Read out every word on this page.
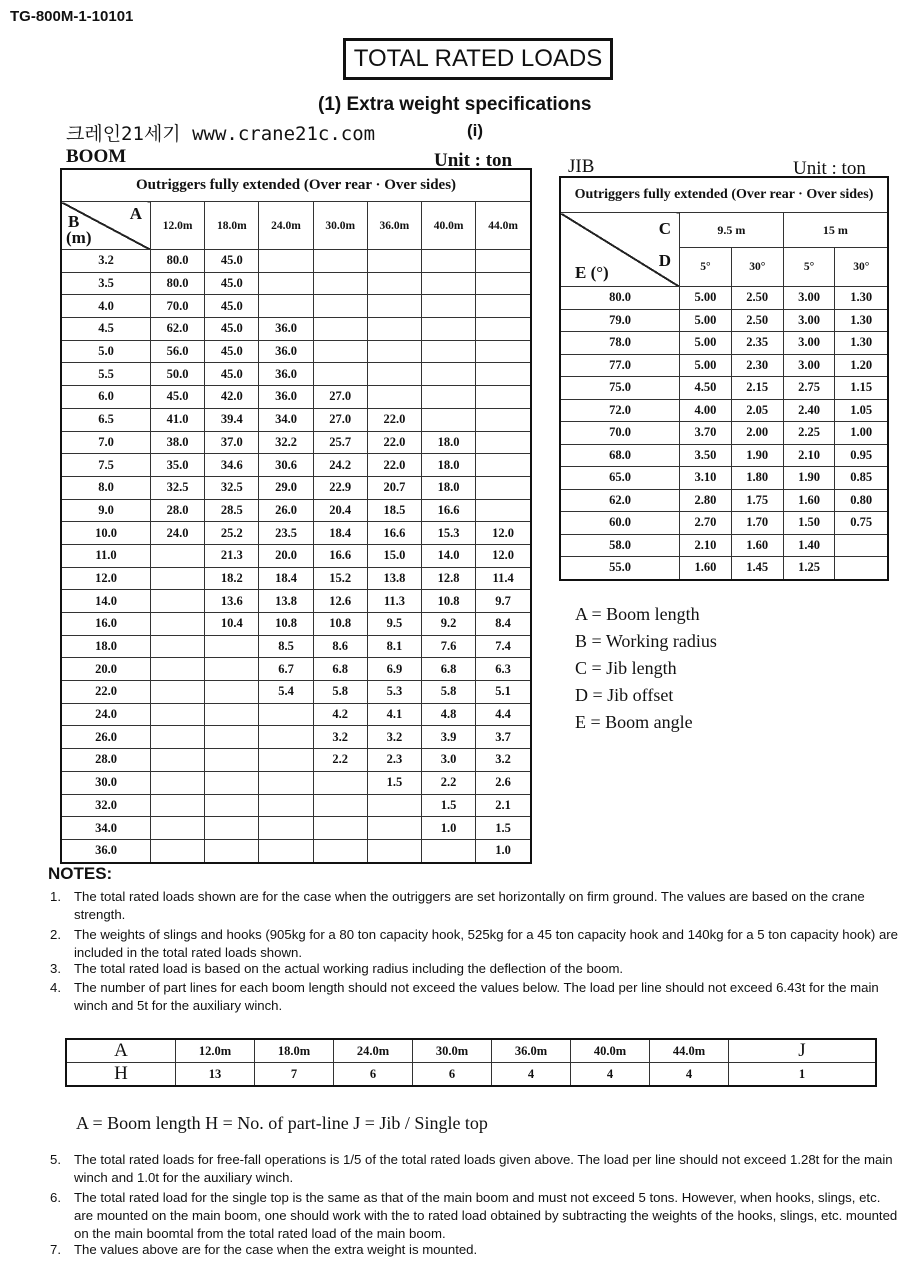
TG-800M-1-10101
TOTAL RATED LOADS
(1) Extra weight specifications
크레인21세기 www.crane21c.com	(i)
BOOM	Unit : ton	JIB	Unit : ton
Outriggers fully extended (Over rear · Over sides)							

A
B
(m)	12.0m	18.0m	24.0m	30.0m	36.0m	40.0m	44.0m
3.2	80.0	45.0					
3.5	80.0	45.0					
4.0	70.0	45.0					
4.5	62.0	45.0	36.0				
5.0	56.0	45.0	36.0				
5.5	50.0	45.0	36.0				
6.0	45.0	42.0	36.0	27.0			
6.5	41.0	39.4	34.0	27.0	22.0		
7.0	38.0	37.0	32.2	25.7	22.0	18.0	
7.5	35.0	34.6	30.6	24.2	22.0	18.0	
8.0	32.5	32.5	29.0	22.9	20.7	18.0	
9.0	28.0	28.5	26.0	20.4	18.5	16.6	
10.0	24.0	25.2	23.5	18.4	16.6	15.3	12.0
11.0		21.3	20.0	16.6	15.0	14.0	12.0
12.0		18.2	18.4	15.2	13.8	12.8	11.4
14.0		13.6	13.8	12.6	11.3	10.8	9.7
16.0		10.4	10.8	10.8	9.5	9.2	8.4
18.0			8.5	8.6	8.1	7.6	7.4
20.0			6.7	6.8	6.9	6.8	6.3
22.0			5.4	5.8	5.3	5.8	5.1
24.0				4.2	4.1	4.8	4.4
26.0				3.2	3.2	3.9	3.7
28.0				2.2	2.3	3.0	3.2
30.0					1.5	2.2	2.6
32.0						1.5	2.1
34.0						1.0	1.5
36.0							1.0
Outriggers fully extended (Over rear · Over sides)				

C
D
E (°)	9.5 m		15 m	
	5°	30°	5°	30°
80.0	5.00	2.50	3.00	1.30
79.0	5.00	2.50	3.00	1.30
78.0	5.00	2.35	3.00	1.30
77.0	5.00	2.30	3.00	1.20
75.0	4.50	2.15	2.75	1.15
72.0	4.00	2.05	2.40	1.05
70.0	3.70	2.00	2.25	1.00
68.0	3.50	1.90	2.10	0.95
65.0	3.10	1.80	1.90	0.85
62.0	2.80	1.75	1.60	0.80
60.0	2.70	1.70	1.50	0.75
58.0	2.10	1.60	1.40	
55.0	1.60	1.45	1.25	
A = Boom length
B = Working radius
C = Jib length
D = Jib offset
E = Boom angle
NOTES:
1. The total rated loads shown are for the case when the outriggers are set horizontally on firm ground. The values are based on the crane strength.
2. The weights of slings and hooks (905kg for a 80 ton capacity hook, 525kg for a 45 ton capacity hook and 140kg for a 5 ton capacity hook) are included in the total rated loads shown.
3. The total rated load is based on the actual working radius including the deflection of the boom.
4. The number of part lines for each boom length should not exceed the values below. The load per line should not exceed 6.43t for the main winch and 5t for the auxiliary winch.
A	12.0m	18.0m	24.0m	30.0m	36.0m	40.0m	44.0m	J
H	13	7	6	6	4	4	4	1
A = Boom length H = No. of part-line J = Jib / Single top
5. The total rated loads for free-fall operations is 1/5 of the total rated loads given above. The load per line should not exceed 1.28t for the main winch and 1.0t for the auxiliary winch.
6. The total rated load for the single top is the same as that of the main boom and must not exceed 5 tons. However, when hooks, slings, etc. are mounted on the main boom, one should work with the to rated load obtained by subtracting the weights of the hooks, slings, etc. mounted on the main boomtal from the total rated load of the main boom.
7. The values above are for the case when the extra weight is mounted.
